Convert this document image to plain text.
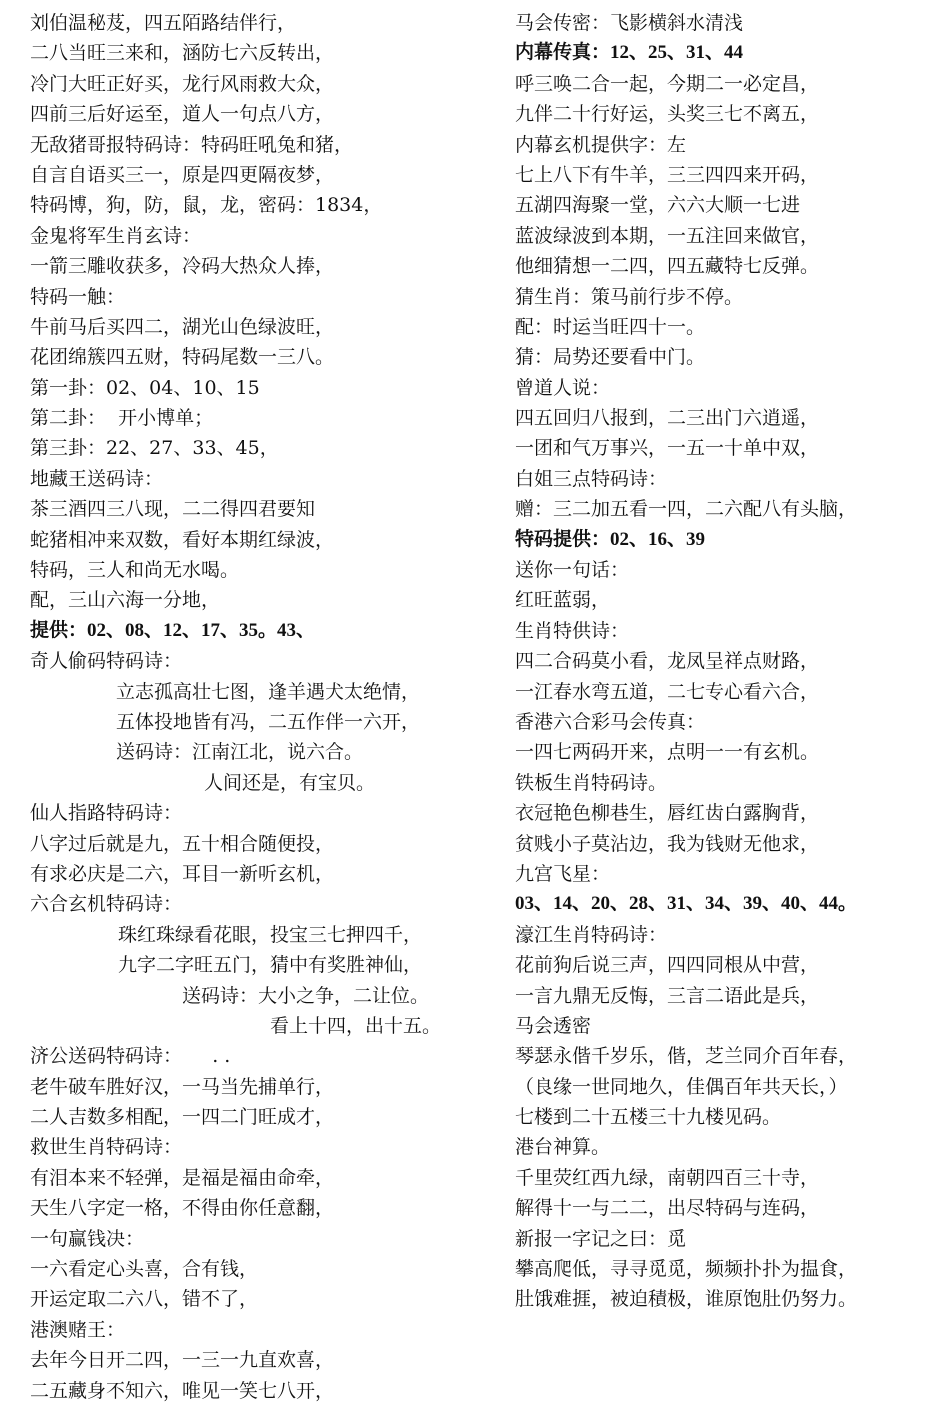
刘伯温秘芨，四五陌路结伴行，
二八当旺三来和，涵防七六反转出，
冷门大旺正好买，龙行风雨救大众，
四前三后好运至，道人一句点八方，
无敌猪哥报特码诗：特码旺吼兔和猪，
自言自语买三一，原是四更隔夜梦，
特码博，狗，防，鼠，龙，密码：1834，
金鬼将军生肖玄诗：
一箭三雕收获多，冷码大热众人捧，
特码一触：
牛前马后买四二，湖光山色绿波旺，
花团绵簇四五财，特码尾数一三八。
第一卦：02、04、10、15
第二卦：  开小博单；
第三卦：22、27、33、45，
地藏王送码诗：
茶三酒四三八现，二二得四君要知
蛇猪相冲来双数，看好本期红绿波，
特码，三人和尚无水喝。
配，三山六海一分地，
提供：02、08、12、17、35。43、
奇人偷码特码诗：
立志孤高壮七图，逢羊遇犬太绝情，
五体投地皆有冯，二五作伴一六开，
送码诗：江南江北，说六合。
人间还是，有宝贝。
仙人指路特码诗：
八字过后就是九，五十相合随便投，
有求必庆是二六，耳目一新听玄机，
六合玄机特码诗：
珠红珠绿看花眼，投宝三七押四千，
九字二字旺五门，猜中有奖胜神仙，
送码诗：大小之争，二让位。
看上十四，出十五。
济公送码特码诗：     . .
老牛破车胜好汉，一马当先捕单行，
二人吉数多相配，一四二门旺成才，
救世生肖特码诗：
有泪本来不轻弹，是福是福由命牵，
天生八字定一格，不得由你任意翻，
一句赢钱决：
一六看定心头喜，合有钱，
开运定取二六八，错不了，
港澳赌王：
去年今日开二四，一三一九直欢喜，
二五藏身不知六，唯见一笑七八开，
马会传密：飞影横斜水清浅
内幕传真：12、25、31、44
呼三唤二合一起，今期二一必定昌，
九伴二十行好运，头奖三七不离五，
内幕玄机提供字：左
七上八下有牛羊，三三四四来开码，
五湖四海聚一堂，六六大顺一七进
蓝波绿波到本期，一五注回来做官，
他细猜想一二四，四五藏特七反弹。
猜生肖：策马前行步不停。
配：时运当旺四十一。
猜：局势还要看中门。
曾道人说：
四五回归八报到，二三出门六逍遥，
一团和气万事兴，一五一十单中双，
白姐三点特码诗：
赠：三二加五看一四，二六配八有头脑，
特码提供：02、16、39
送你一句话：
红旺蓝弱，
生肖特供诗：
四二合码莫小看，龙凤呈祥点财路，
一江春水弯五道，二七专心看六合，
香港六合彩马会传真：
一四七两码开来，点明一一有玄机。
铁板生肖特码诗。
衣冠艳色柳巷生，唇红齿白露胸背，
贫贱小子莫沾边，我为钱财无他求，
九宫飞星：
03、14、20、28、31、34、39、40、44。
濠江生肖特码诗：
花前狗后说三声，四四同根从中营，
一言九鼎无反悔，三言二语此是兵，
马会透密
琴瑟永偕千岁乐，偕，芝兰同介百年春，
（良缘一世同地久，佳偶百年共天长，）
七楼到二十五楼三十九楼见码。
港台神算。
千里荧红西九绿，南朝四百三十寺，
解得十一与二二，出尽特码与连码，
新报一字记之曰：觅
攀高爬低，寻寻觅觅，频频扑扑为揾食，
肚饿难捱，被迫積极，谁原饱肚仍努力。
